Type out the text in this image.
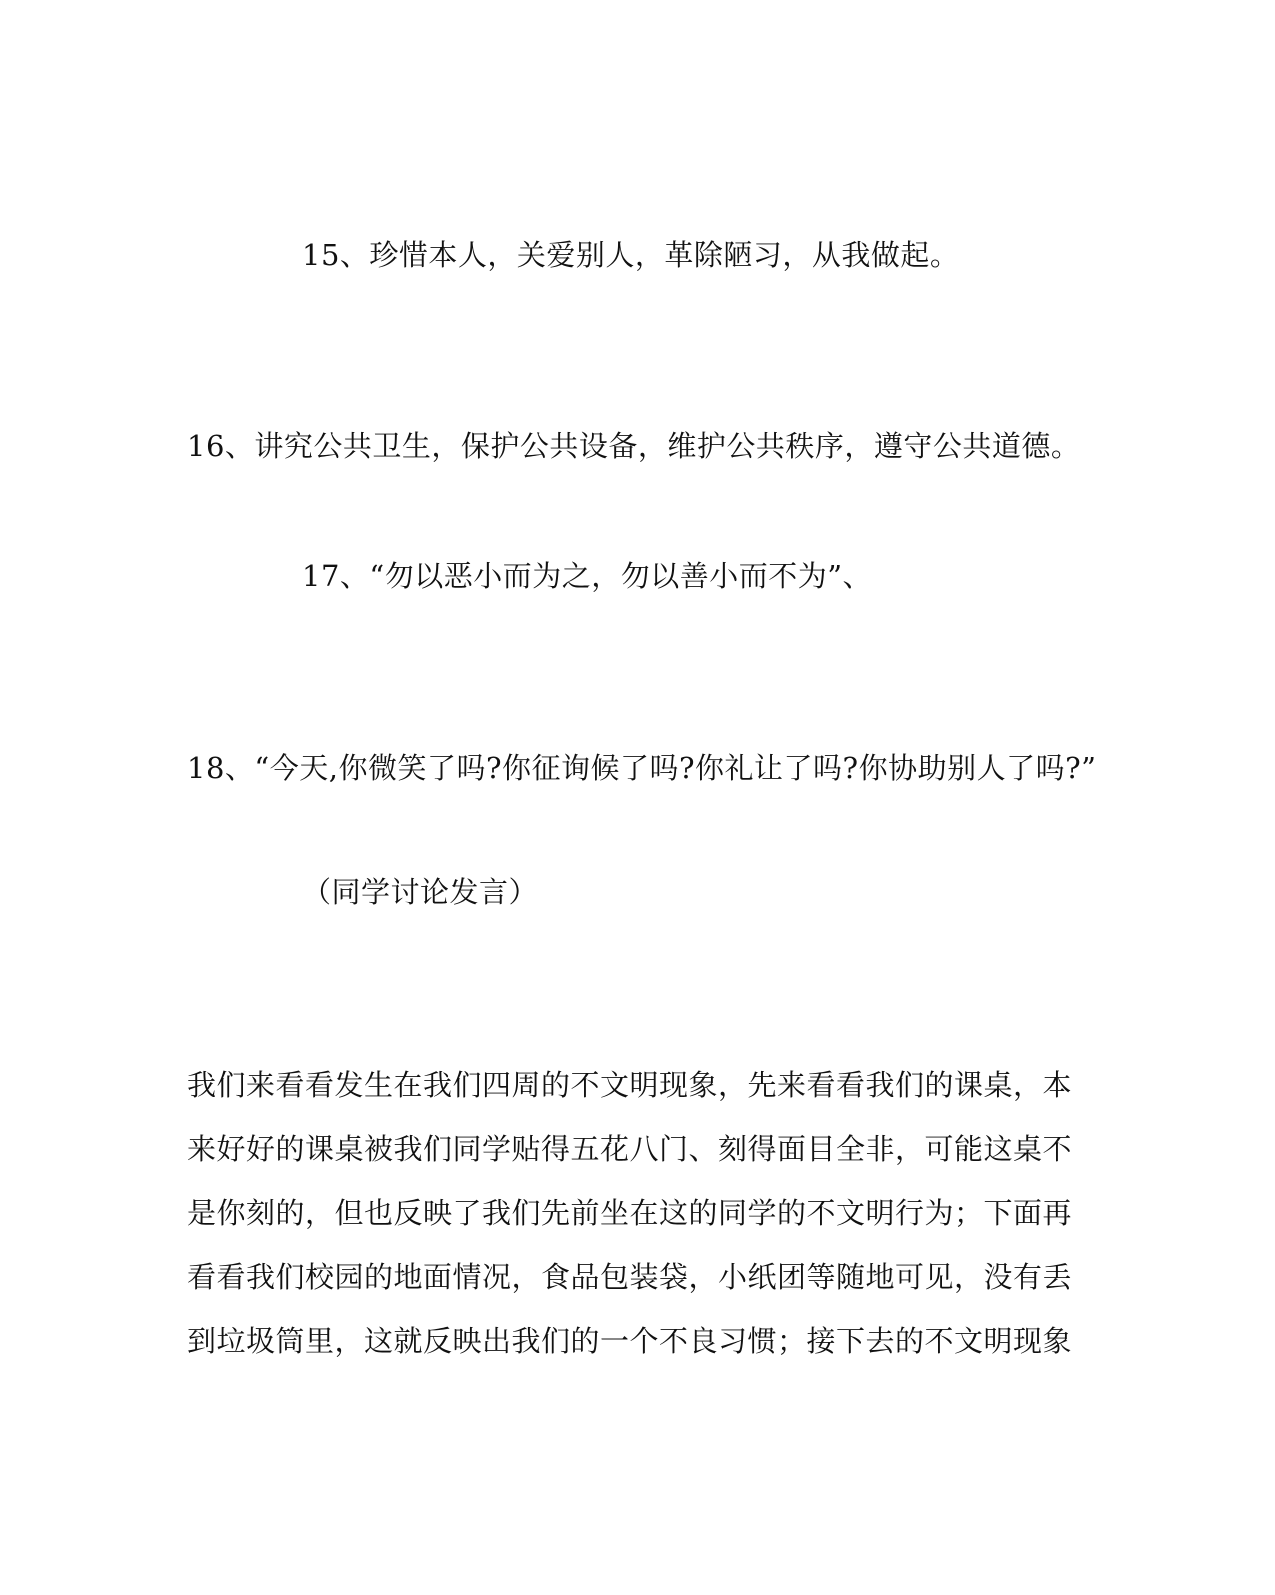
15、珍惜本人，关爱别人，革除陋习，从我做起。
16、讲究公共卫生，保护公共设备，维护公共秩序，遵守公共道德。
17、“勿以恶小而为之，勿以善小而不为”、
18、“今天,你微笑了吗?你征询候了吗?你礼让了吗?你协助别人了吗?”
（同学讨论发言）
我们来看看发生在我们四周的不文明现象，先来看看我们的课桌，本
来好好的课桌被我们同学贴得五花八门、刻得面目全非，可能这桌不
是你刻的，但也反映了我们先前坐在这的同学的不文明行为；下面再
看看我们校园的地面情况，食品包装袋，小纸团等随地可见，没有丢
到垃圾筒里，这就反映出我们的一个不良习惯；接下去的不文明现象
